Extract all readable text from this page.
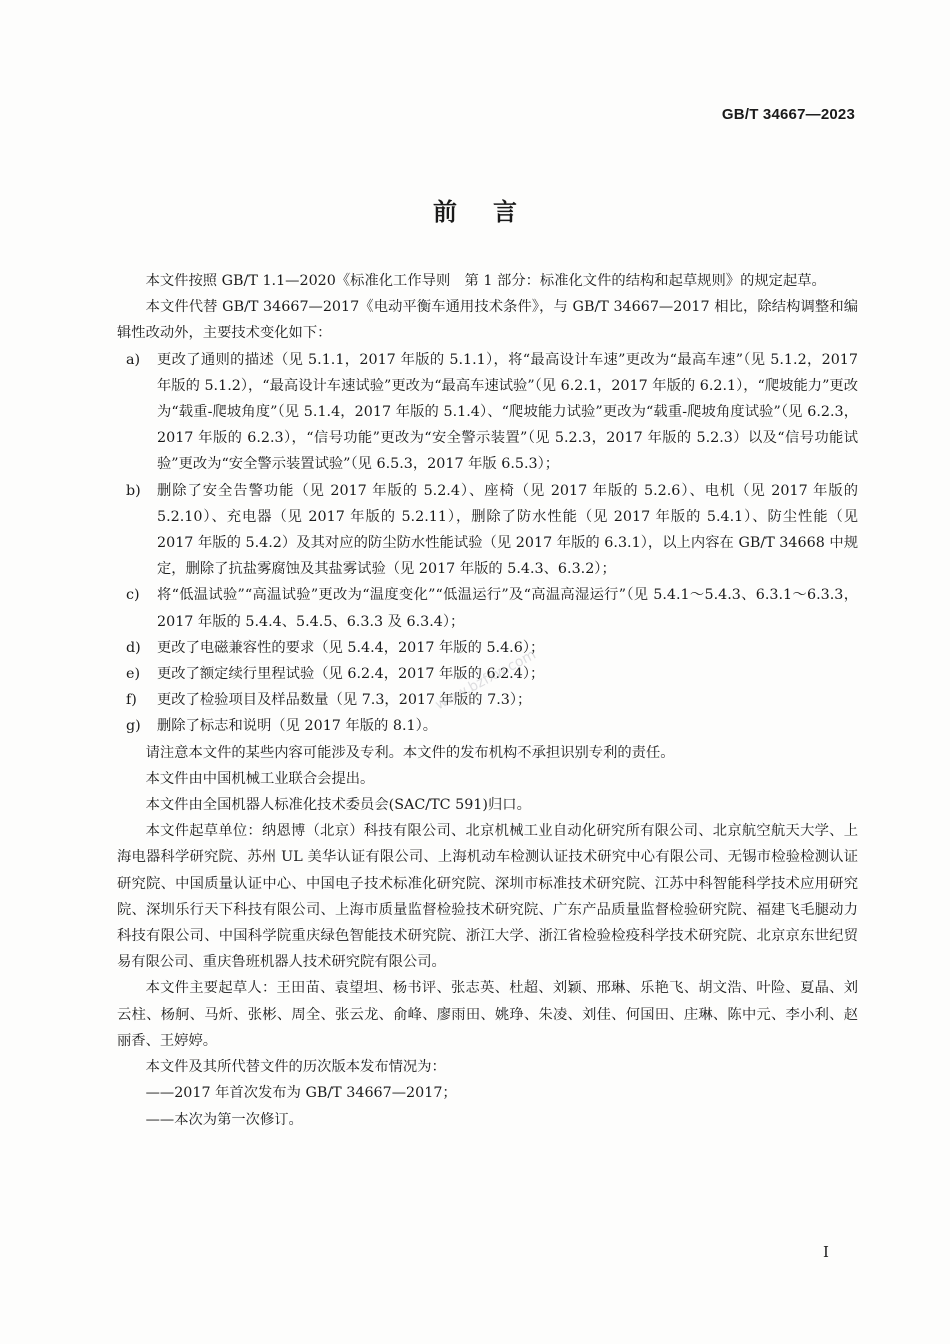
GB/T 34667—2023
前言

本文件按照 GB/T 1.1—2020《标准化工作导则　第 1 部分：标准化文件的结构和起草规则》的规定起草。

本文件代替 GB/T 34667—2017《电动平衡车通用技术条件》，与 GB/T 34667—2017 相比，除结构调整和编辑性改动外，主要技术变化如下：

a) 更改了通则的描述（见 5.1.1，2017 年版的 5.1.1），将“最高设计车速”更改为“最高车速”（见 5.1.2，2017 年版的 5.1.2），“最高设计车速试验”更改为“最高车速试验”（见 6.2.1，2017 年版的 6.2.1），“爬坡能力”更改为“载重-爬坡角度”（见 5.1.4，2017 年版的 5.1.4）、“爬坡能力试验”更改为“载重-爬坡角度试验”（见 6.2.3，2017 年版的 6.2.3），“信号功能”更改为“安全警示装置”（见 5.2.3，2017 年版的 5.2.3）以及“信号功能试验”更改为“安全警示装置试验”（见 6.5.3，2017 年版 6.5.3）；

b) 删除了安全告警功能（见 2017 年版的 5.2.4）、座椅（见 2017 年版的 5.2.6）、电机（见 2017 年版的 5.2.10）、充电器（见 2017 年版的 5.2.11），删除了防水性能（见 2017 年版的 5.4.1）、防尘性能（见 2017 年版的 5.4.2）及其对应的防尘防水性能试验（见 2017 年版的 6.3.1），以上内容在 GB/T 34668 中规定，删除了抗盐雾腐蚀及其盐雾试验（见 2017 年版的 5.4.3、6.3.2）；

c) 将“低温试验”“高温试验”更改为“温度变化”“低温运行”及“高温高湿运行”（见 5.4.1～5.4.3、6.3.1～6.3.3，2017 年版的 5.4.4、5.4.5、6.3.3 及 6.3.4）；

d) 更改了电磁兼容性的要求（见 5.4.4，2017 年版的 5.4.6）；

e) 更改了额定续行里程试验（见 6.2.4，2017 年版的 6.2.4）；

f) 更改了检验项目及样品数量（见 7.3，2017 年版的 7.3）；

g) 删除了标志和说明（见 2017 年版的 8.1）。

请注意本文件的某些内容可能涉及专利。本文件的发布机构不承担识别专利的责任。

本文件由中国机械工业联合会提出。

本文件由全国机器人标准化技术委员会(SAC/TC 591)归口。

本文件起草单位：纳恩博（北京）科技有限公司、北京机械工业自动化研究所有限公司、北京航空航天大学、上海电器科学研究院、苏州 UL 美华认证有限公司、上海机动车检测认证技术研究中心有限公司、无锡市检验检测认证研究院、中国质量认证中心、中国电子技术标准化研究院、深圳市标准技术研究院、江苏中科智能科学技术应用研究院、深圳乐行天下科技有限公司、上海市质量监督检验技术研究院、广东产品质量监督检验研究院、福建飞毛腿动力科技有限公司、中国科学院重庆绿色智能技术研究院、浙江大学、浙江省检验检疫科学技术研究院、北京京东世纪贸易有限公司、重庆鲁班机器人技术研究院有限公司。

本文件主要起草人：王田苗、袁望坦、杨书评、张志英、杜超、刘颖、邢琳、乐艳飞、胡文浩、叶险、夏晶、刘云柱、杨舸、马炘、张彬、周全、张云龙、俞峰、廖雨田、姚琤、朱凌、刘佳、何国田、庄琳、陈中元、李小利、赵丽香、王婷婷。

本文件及其所代替文件的历次版本发布情况为：

——2017 年首次发布为 GB/T 34667—2017；

——本次为第一次修订。

www.bzfxw.com
I
